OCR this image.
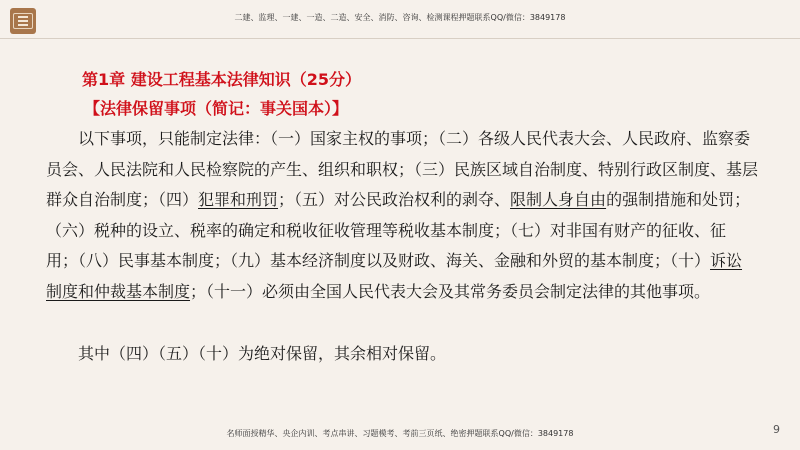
二建、监理、一建、一造、二造、安全、消防、咨询、检测课程押题联系QQ/微信：3849178
第1章 建设工程基本法律知识（25分）
【法律保留事项（简记：事关国本）】

以下事项，只能制定法律：（一）国家主权的事项；（二）各级人民代表大会、人民政府、监察委员会、人民法院和人民检察院的产生、组织和职权；（三）民族区域自治制度、特别行政区制度、基层群众自治制度；（四）犯罪和刑罚；（五）对公民政治权利的剥夺、限制人身自由的强制措施和处罚；（六）税种的设立、税率的确定和税收征收管理等税收基本制度；（七）对非国有财产的征收、征用；（八）民事基本制度；（九）基本经济制度以及财政、海关、金融和外贸的基本制度；（十）诉讼制度和仲裁基本制度；（十一）必须由全国人民代表大会及其常务委员会制定法律的其他事项。

其中（四）（五）（十）为绝对保留，其余相对保留。

名师面授精华、央企内训、考点串讲、习题模考、考前三页纸、绝密押题联系QQ/微信：3849178	9
